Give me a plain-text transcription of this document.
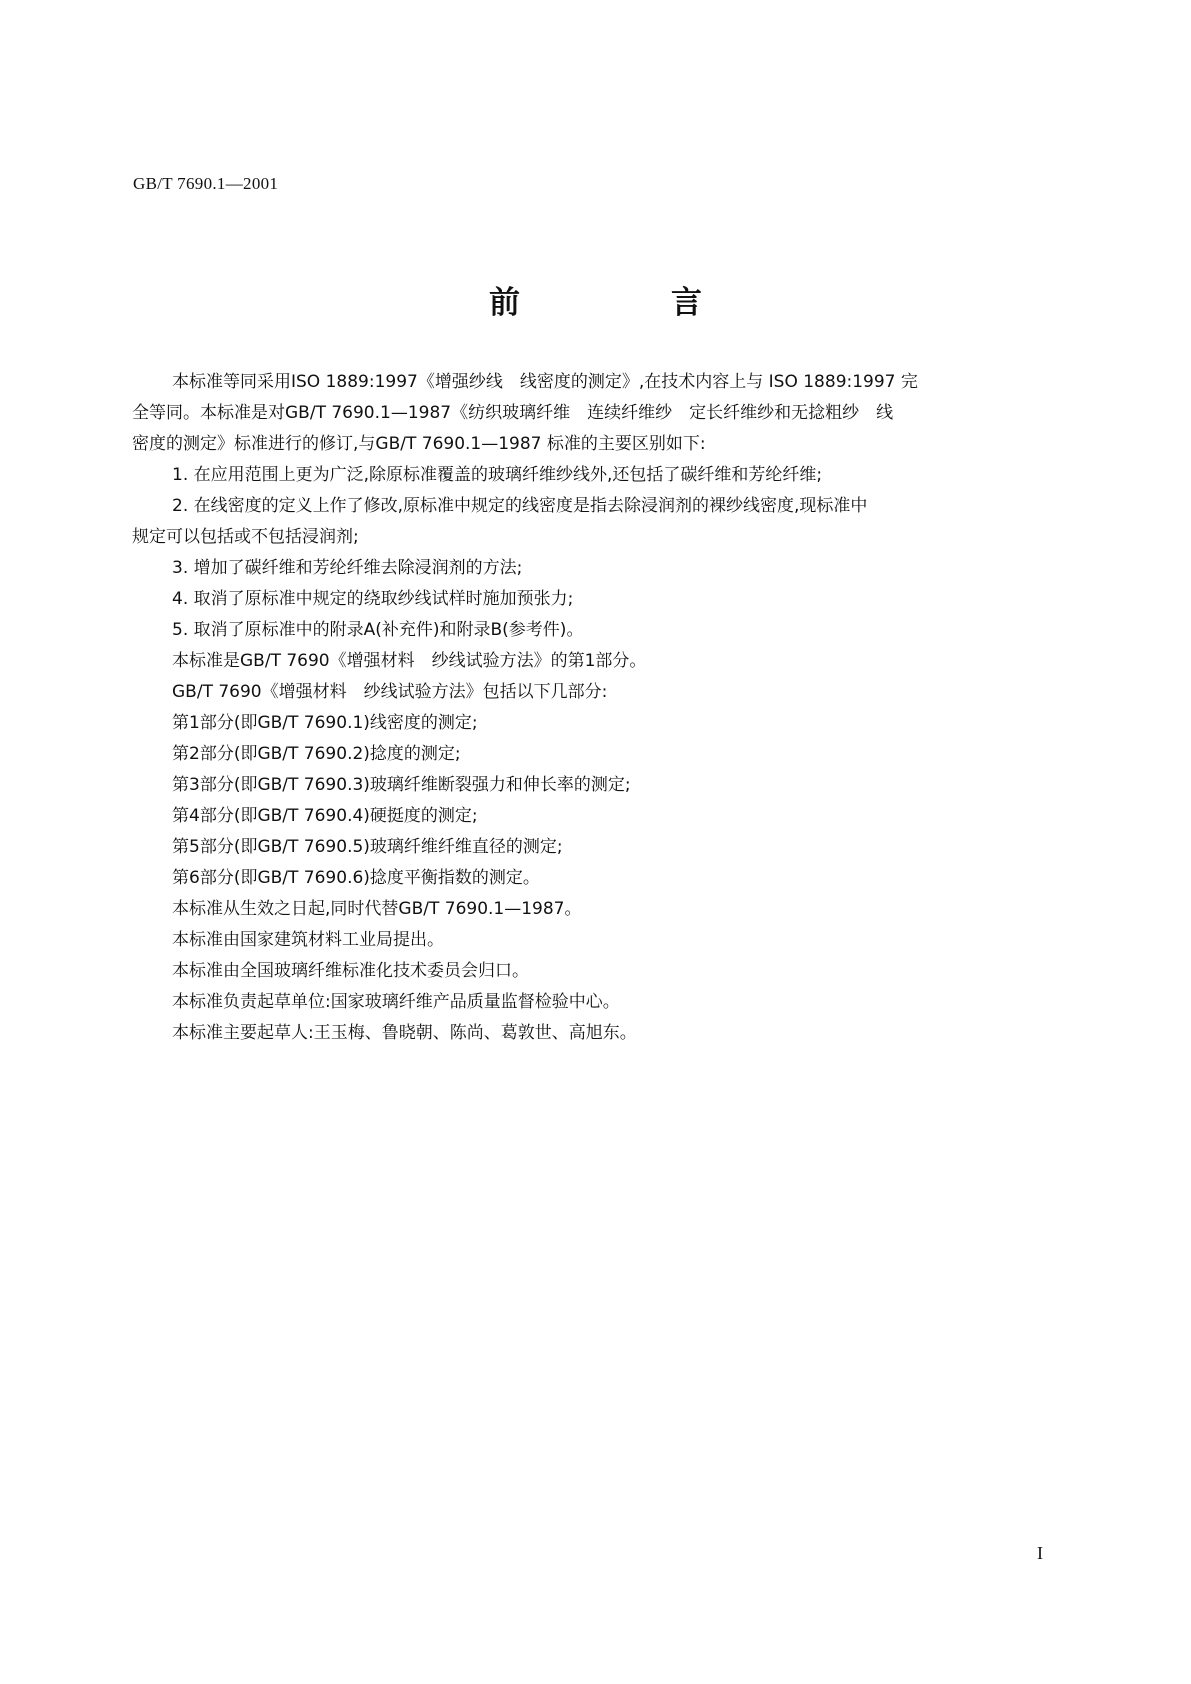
GB/T 7690.1—2001
前　言

本标准等同采用ISO 1889:1997《增强纱线　线密度的测定》,在技术内容上与 ISO 1889:1997 完

全等同。本标准是对GB/T 7690.1—1987《纺织玻璃纤维　连续纤维纱　定长纤维纱和无捻粗纱　线

密度的测定》标准进行的修订,与GB/T 7690.1—1987 标准的主要区别如下:

1. 在应用范围上更为广泛,除原标准覆盖的玻璃纤维纱线外,还包括了碳纤维和芳纶纤维;

2. 在线密度的定义上作了修改,原标准中规定的线密度是指去除浸润剂的裸纱线密度,现标准中

规定可以包括或不包括浸润剂;

3. 增加了碳纤维和芳纶纤维去除浸润剂的方法;

4. 取消了原标准中规定的绕取纱线试样时施加预张力;

5. 取消了原标准中的附录A(补充件)和附录B(参考件)。

本标准是GB/T 7690《增强材料　纱线试验方法》的第1部分。

GB/T 7690《增强材料　纱线试验方法》包括以下几部分:

第1部分(即GB/T 7690.1)线密度的测定;

第2部分(即GB/T 7690.2)捻度的测定;

第3部分(即GB/T 7690.3)玻璃纤维断裂强力和伸长率的测定;

第4部分(即GB/T 7690.4)硬挺度的测定;

第5部分(即GB/T 7690.5)玻璃纤维纤维直径的测定;

第6部分(即GB/T 7690.6)捻度平衡指数的测定。

本标准从生效之日起,同时代替GB/T 7690.1—1987。

本标准由国家建筑材料工业局提出。

本标准由全国玻璃纤维标准化技术委员会归口。

本标准负责起草单位:国家玻璃纤维产品质量监督检验中心。

本标准主要起草人:王玉梅、鲁晓朝、陈尚、葛敦世、高旭东。

I
